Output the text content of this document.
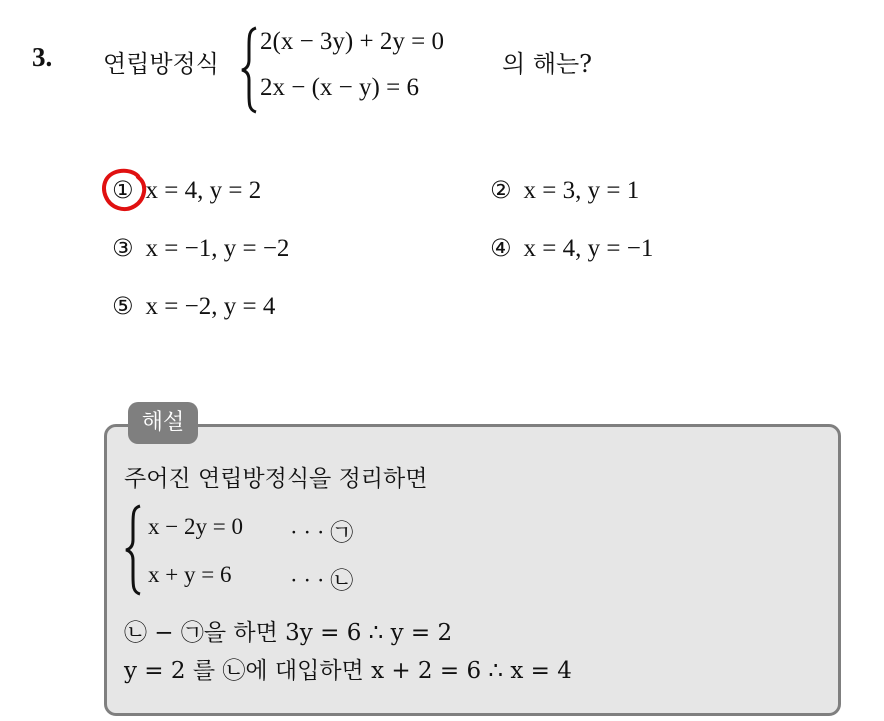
3. 연립방정식
2(x − 3y) + 2y = 0
2x − (x − y) = 6
의 해는?
① x = 4, y = 2	② x = 3, y = 1
③ x = −1, y = −2	④ x = 4, y = −1
⑤ x = −2, y = 4
해설
주어진 연립방정식을 정리하면
x − 2y = 0 · · · ㉠
x + y = 6	· · · ㉡
㉡ − ㉠을 하면 3y = 6 ∴ y = 2
y = 2 를 ㉡에 대입하면 x + 2 = 6 ∴ x = 4
